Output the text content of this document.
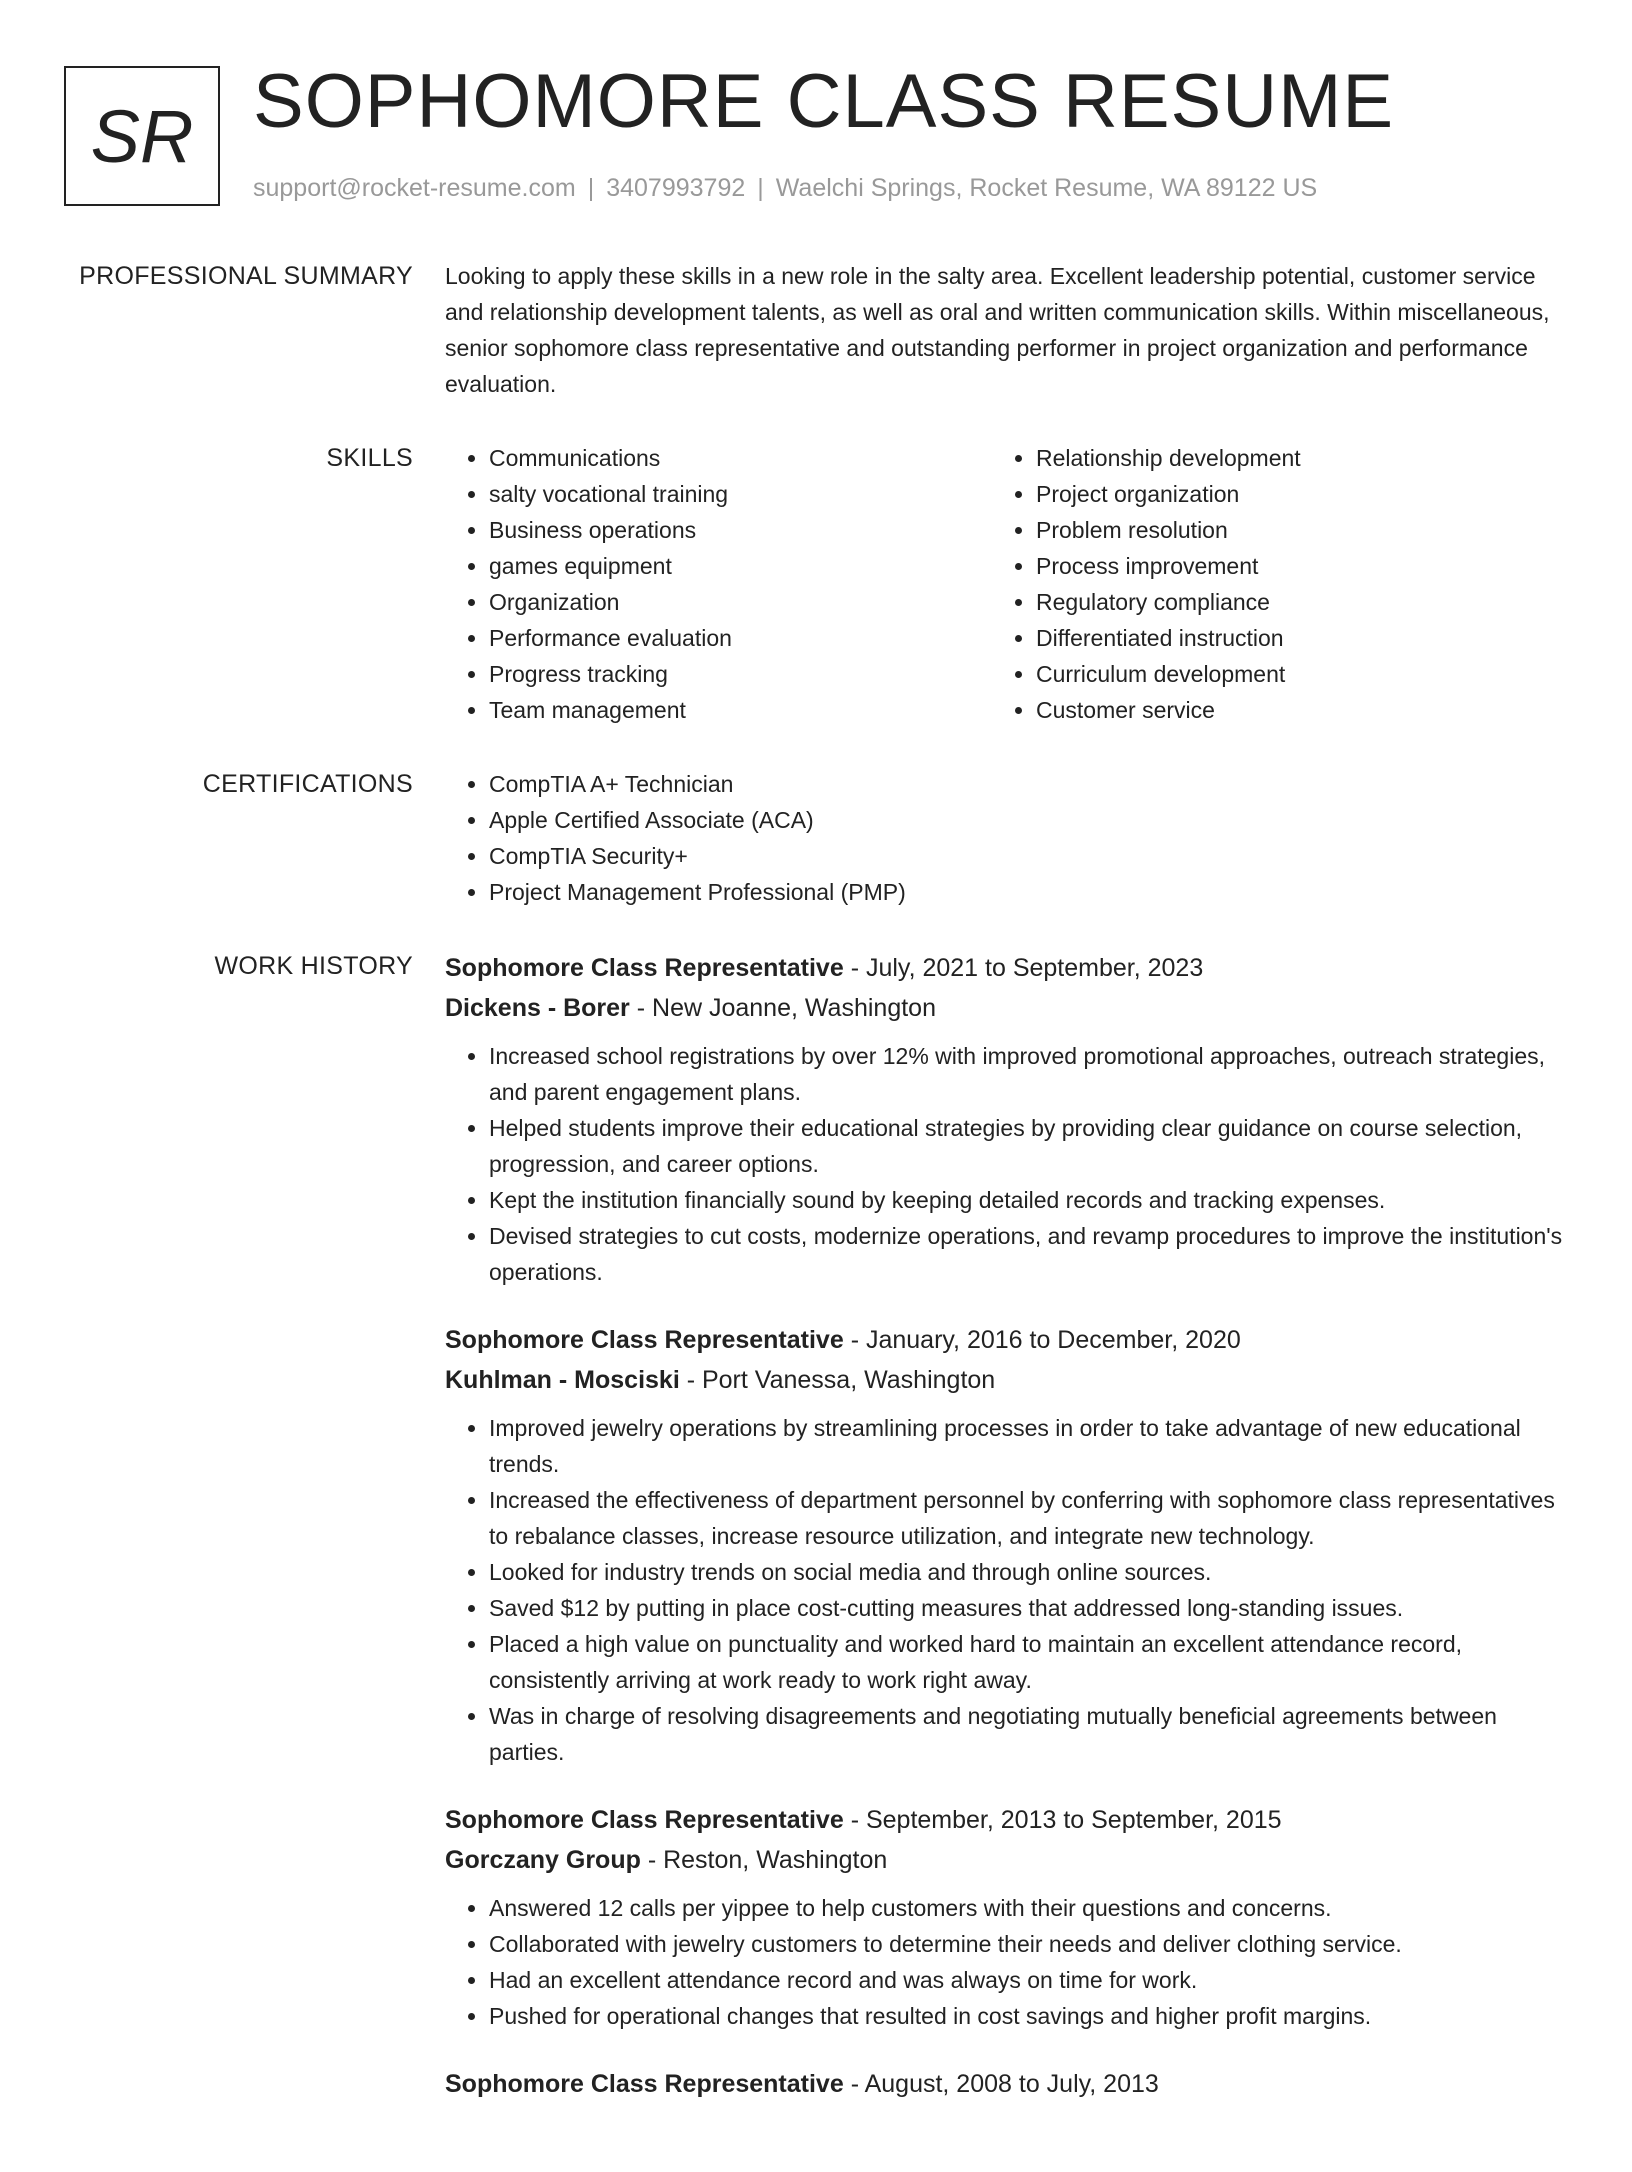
SR SOPHOMORE CLASS RESUME
support@rocket-resume.com | 3407993792 | Waelchi Springs, Rocket Resume, WA 89122 US
PROFESSIONAL SUMMARY Looking to apply these skills in a new role in the salty area. Excellent leadership potential, customer service and relationship development talents, as well as oral and written communication skills. Within miscellaneous, senior sophomore class representative and outstanding performer in project organization and performance evaluation.

SKILLS	• Communications
• salty vocational training
• Business operations
• games equipment
• Organization
• Performance evaluation
• Progress tracking
• Team management
• Relationship development
• Project organization
• Problem resolution
• Process improvement
• Regulatory compliance
• Differentiated instruction
• Curriculum development
• Customer service
CERTIFICATIONS	• CompTIA A+ Technician
• Apple Certified Associate (ACA)
• CompTIA Security+
• Project Management Professional (PMP)
WORK HISTORY Sophomore Class Representative - July, 2021 to September, 2023
Dickens - Borer - New Joanne, Washington
• Increased school registrations by over 12% with improved promotional approaches, outreach strategies, and parent engagement plans.
• Helped students improve their educational strategies by providing clear guidance on course selection, progression, and career options.
• Kept the institution financially sound by keeping detailed records and tracking expenses.
• Devised strategies to cut costs, modernize operations, and revamp procedures to improve the institution's operations.
Sophomore Class Representative - January, 2016 to December, 2020
Kuhlman - Mosciski - Port Vanessa, Washington
• Improved jewelry operations by streamlining processes in order to take advantage of new educational trends.
• Increased the effectiveness of department personnel by conferring with sophomore class representatives to rebalance classes, increase resource utilization, and integrate new technology.
• Looked for industry trends on social media and through online sources.
• Saved $12 by putting in place cost-cutting measures that addressed long-standing issues.
• Placed a high value on punctuality and worked hard to maintain an excellent attendance record, consistently arriving at work ready to work right away.
• Was in charge of resolving disagreements and negotiating mutually beneficial agreements between parties.
Sophomore Class Representative - September, 2013 to September, 2015
Gorczany Group - Reston, Washington
• Answered 12 calls per yippee to help customers with their questions and concerns.
• Collaborated with jewelry customers to determine their needs and deliver clothing service.
• Had an excellent attendance record and was always on time for work.
• Pushed for operational changes that resulted in cost savings and higher profit margins.
Sophomore Class Representative - August, 2008 to July, 2013
